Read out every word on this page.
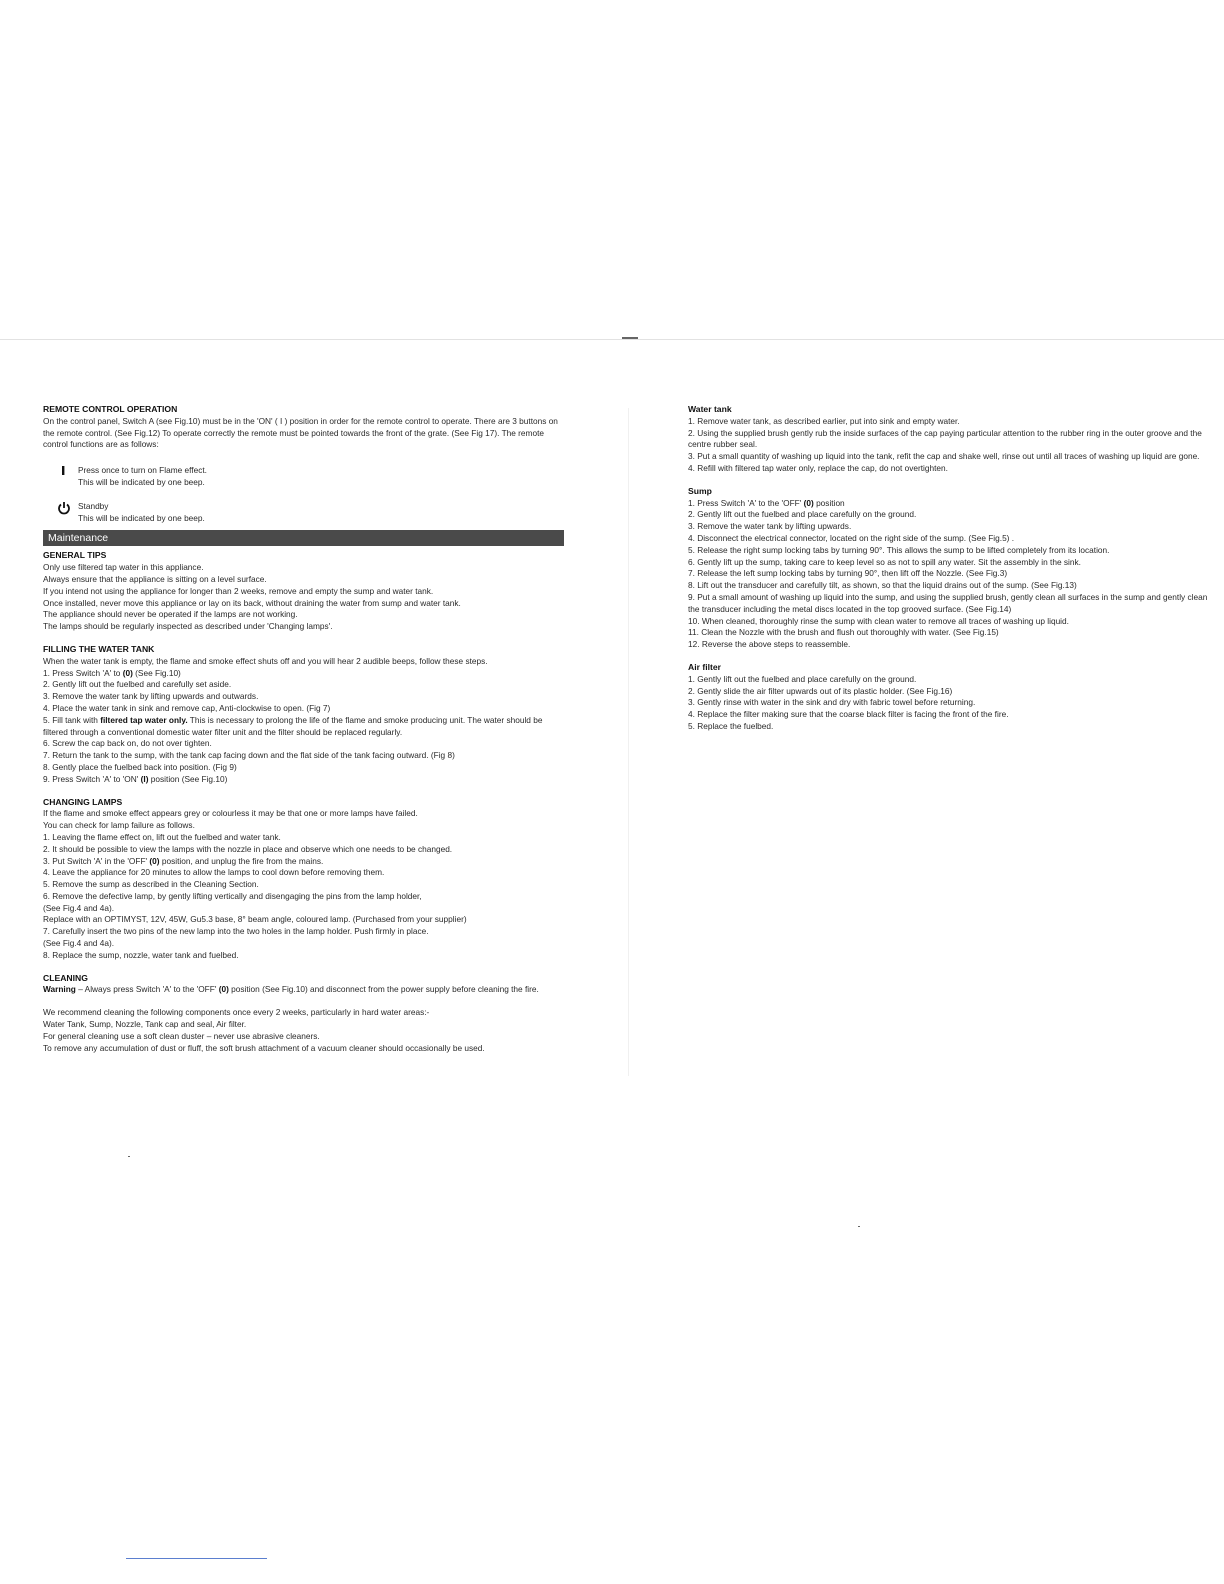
REMOTE CONTROL OPERATION

On the control panel, Switch A (see Fig.10) must be in the 'ON' ( I ) position in order for the remote control to operate. There are 3 buttons on the remote control. (See Fig.12) To operate correctly the remote must be pointed towards the front of the grate. (See Fig 17). The remote control functions are as follows:

Press once to turn on Flame effect.
This will be indicated by one beep.
Standby
This will be indicated by one beep.
Maintenance

GENERAL TIPS

Only use filtered tap water in this appliance.
Always ensure that the appliance is sitting on a level surface.
If you intend not using the appliance for longer than 2 weeks, remove and empty the sump and water tank.
Once installed, never move this appliance or lay on its back, without draining the water from sump and water tank.
The appliance should never be operated if the lamps are not working.
The lamps should be regularly inspected as described under 'Changing lamps'.

FILLING THE WATER TANK

When the water tank is empty, the flame and smoke effect shuts off and you will hear 2 audible beeps, follow these steps.

1. Press Switch 'A' to (0) (See Fig.10)

2. Gently lift out the fuelbed and carefully set aside.

3. Remove the water tank by lifting upwards and outwards.

4. Place the water tank in sink and remove cap, Anti-clockwise to open. (Fig 7)

5. Fill tank with filtered tap water only. This is necessary to prolong the life of the flame and smoke producing unit. The water should be filtered through a conventional domestic water filter unit and the filter should be replaced regularly.

6. Screw the cap back on, do not over tighten.

7. Return the tank to the sump, with the tank cap facing down and the flat side of the tank facing outward. (Fig 8)

8. Gently place the fuelbed back into position. (Fig 9)

9. Press Switch 'A' to 'ON' (I) position (See Fig.10)

CHANGING LAMPS

If the flame and smoke effect appears grey or colourless it may be that one or more lamps have failed.

You can check for lamp failure as follows.

1. Leaving the flame effect on, lift out the fuelbed and water tank.

2. It should be possible to view the lamps with the nozzle in place and observe which one needs to be changed.

3. Put Switch 'A' in the 'OFF' (0) position, and unplug the fire from the mains.

4. Leave the appliance for 20 minutes to allow the lamps to cool down before removing them.

5. Remove the sump as described in the Cleaning Section.

6. Remove the defective lamp, by gently lifting vertically and disengaging the pins from the lamp holder,

(See Fig.4 and 4a).

Replace with an OPTIMYST, 12V, 45W, Gu5.3 base, 8° beam angle, coloured lamp. (Purchased from your supplier)

7. Carefully insert the two pins of the new lamp into the two holes in the lamp holder. Push firmly in place.

(See Fig.4 and 4a).

8. Replace the sump, nozzle, water tank and fuelbed.

CLEANING

Warning – Always press Switch 'A' to the 'OFF' (0) position (See Fig.10) and disconnect from the power supply before cleaning the fire.

We recommend cleaning the following components once every 2 weeks, particularly in hard water areas:-

Water Tank, Sump, Nozzle, Tank cap and seal, Air filter.

For general cleaning use a soft clean duster – never use abrasive cleaners.

To remove any accumulation of dust or fluff, the soft brush attachment of a vacuum cleaner should occasionally be used.

Water tank

1. Remove water tank, as described earlier, put into sink and empty water.

2. Using the supplied brush gently rub the inside surfaces of the cap paying particular attention to the rubber ring in the outer groove and the centre rubber seal.

3. Put a small quantity of washing up liquid into the tank, refit the cap and shake well, rinse out until all traces of washing up liquid are gone.

4. Refill with filtered tap water only, replace the cap, do not overtighten.

Sump

1. Press Switch 'A' to the 'OFF' (0) position

2. Gently lift out the fuelbed and place carefully on the ground.

3. Remove the water tank by lifting upwards.

4. Disconnect the electrical connector, located on the right side of the sump. (See Fig.5) .

5. Release the right sump locking tabs by turning 90°. This allows the sump to be lifted completely from its location.

6. Gently lift up the sump, taking care to keep level so as not to spill any water. Sit the assembly in the sink.

7. Release the left sump locking tabs by turning 90°, then lift off the Nozzle. (See Fig.3)

8. Lift out the transducer and carefully tilt, as shown, so that the liquid drains out of the sump. (See Fig.13)

9. Put a small amount of washing up liquid into the sump, and using the supplied brush, gently clean all surfaces in the sump and gently clean the transducer including the metal discs located in the top grooved surface. (See Fig.14)

10. When cleaned, thoroughly rinse the sump with clean water to remove all traces of washing up liquid.

11. Clean the Nozzle with the brush and flush out thoroughly with water. (See Fig.15)

12. Reverse the above steps to reassemble.

Air filter

1. Gently lift out the fuelbed and place carefully on the ground.

2. Gently slide the air filter upwards out of its plastic holder. (See Fig.16)

3. Gently rinse with water in the sink and dry with fabric towel before returning.

4. Replace the filter making sure that the coarse black filter is facing the front of the fire.

5. Replace the fuelbed.
